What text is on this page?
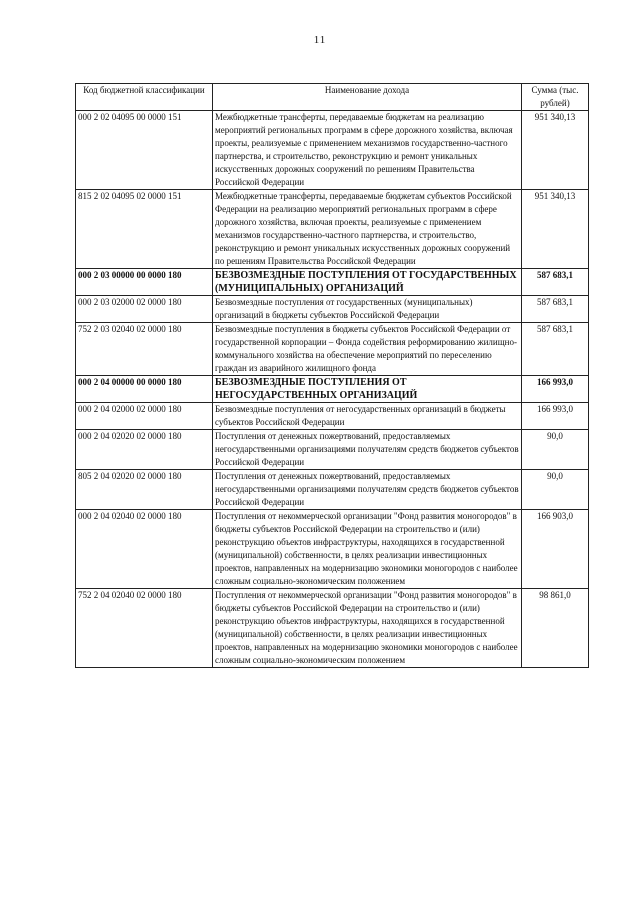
11
Код бюджетной классификации	Наименование дохода	Сумма (тыс. рублей)
000 2 02 04095 00 0000 151	Межбюджетные трансферты, передаваемые бюджетам на реализацию мероприятий региональных программ в сфере дорожного хозяйства, включая проекты, реализуемые с применением механизмов государственно-частного партнерства, и строительство, реконструкцию и ремонт уникальных искусственных дорожных сооружений по решениям Правительства Российской Федерации	951 340,13
815 2 02 04095 02 0000 151	Межбюджетные трансферты, передаваемые бюджетам субъектов Российской Федерации на реализацию мероприятий региональных программ в сфере дорожного хозяйства, включая проекты, реализуемые с применением механизмов государственно-частного партнерства, и строительство, реконструкцию и ремонт уникальных искусственных дорожных сооружений по решениям Правительства Российской Федерации	951 340,13
000 2 03 00000 00 0000 180	БЕЗВОЗМЕЗДНЫЕ ПОСТУПЛЕНИЯ ОТ ГОСУДАРСТВЕННЫХ (МУНИЦИПАЛЬНЫХ) ОРГАНИЗАЦИЙ	587 683,1
000 2 03 02000 02 0000 180	Безвозмездные поступления от государственных (муниципальных) организаций в бюджеты субъектов Российской Федерации	587 683,1
752 2 03 02040 02 0000 180	Безвозмездные поступления в бюджеты субъектов Российской Федерации от государственной корпорации – Фонда содействия реформированию жилищно-коммунального хозяйства на обеспечение мероприятий по переселению граждан из аварийного жилищного фонда	587 683,1
000 2 04 00000 00 0000 180	БЕЗВОЗМЕЗДНЫЕ ПОСТУПЛЕНИЯ ОТ НЕГОСУДАРСТВЕННЫХ ОРГАНИЗАЦИЙ	166 993,0
000 2 04 02000 02 0000 180	Безвозмездные поступления от негосударственных организаций в бюджеты субъектов Российской Федерации	166 993,0
000 2 04 02020 02 0000 180	Поступления от денежных пожертвований, предоставляемых негосударственными организациями получателям средств бюджетов субъектов Российской Федерации	90,0
805 2 04 02020 02 0000 180	Поступления от денежных пожертвований, предоставляемых негосударственными организациями получателям средств бюджетов субъектов Российской Федерации	90,0
000 2 04 02040 02 0000 180	Поступления от некоммерческой организации "Фонд развития моногородов" в бюджеты субъектов Российской Федерации на строительство и (или) реконструкцию объектов инфраструктуры, находящихся в государственной (муниципальной) собственности, в целях реализации инвестиционных проектов, направленных на модернизацию экономики моногородов с наиболее сложным социально-экономическим положением	166 903,0
752 2 04 02040 02 0000 180	Поступления от некоммерческой организации "Фонд развития моногородов" в бюджеты субъектов Российской Федерации на строительство и (или) реконструкцию объектов инфраструктуры, находящихся в государственной (муниципальной) собственности, в целях реализации инвестиционных проектов, направленных на модернизацию экономики моногородов с наиболее сложным социально-экономическим положением	98 861,0
